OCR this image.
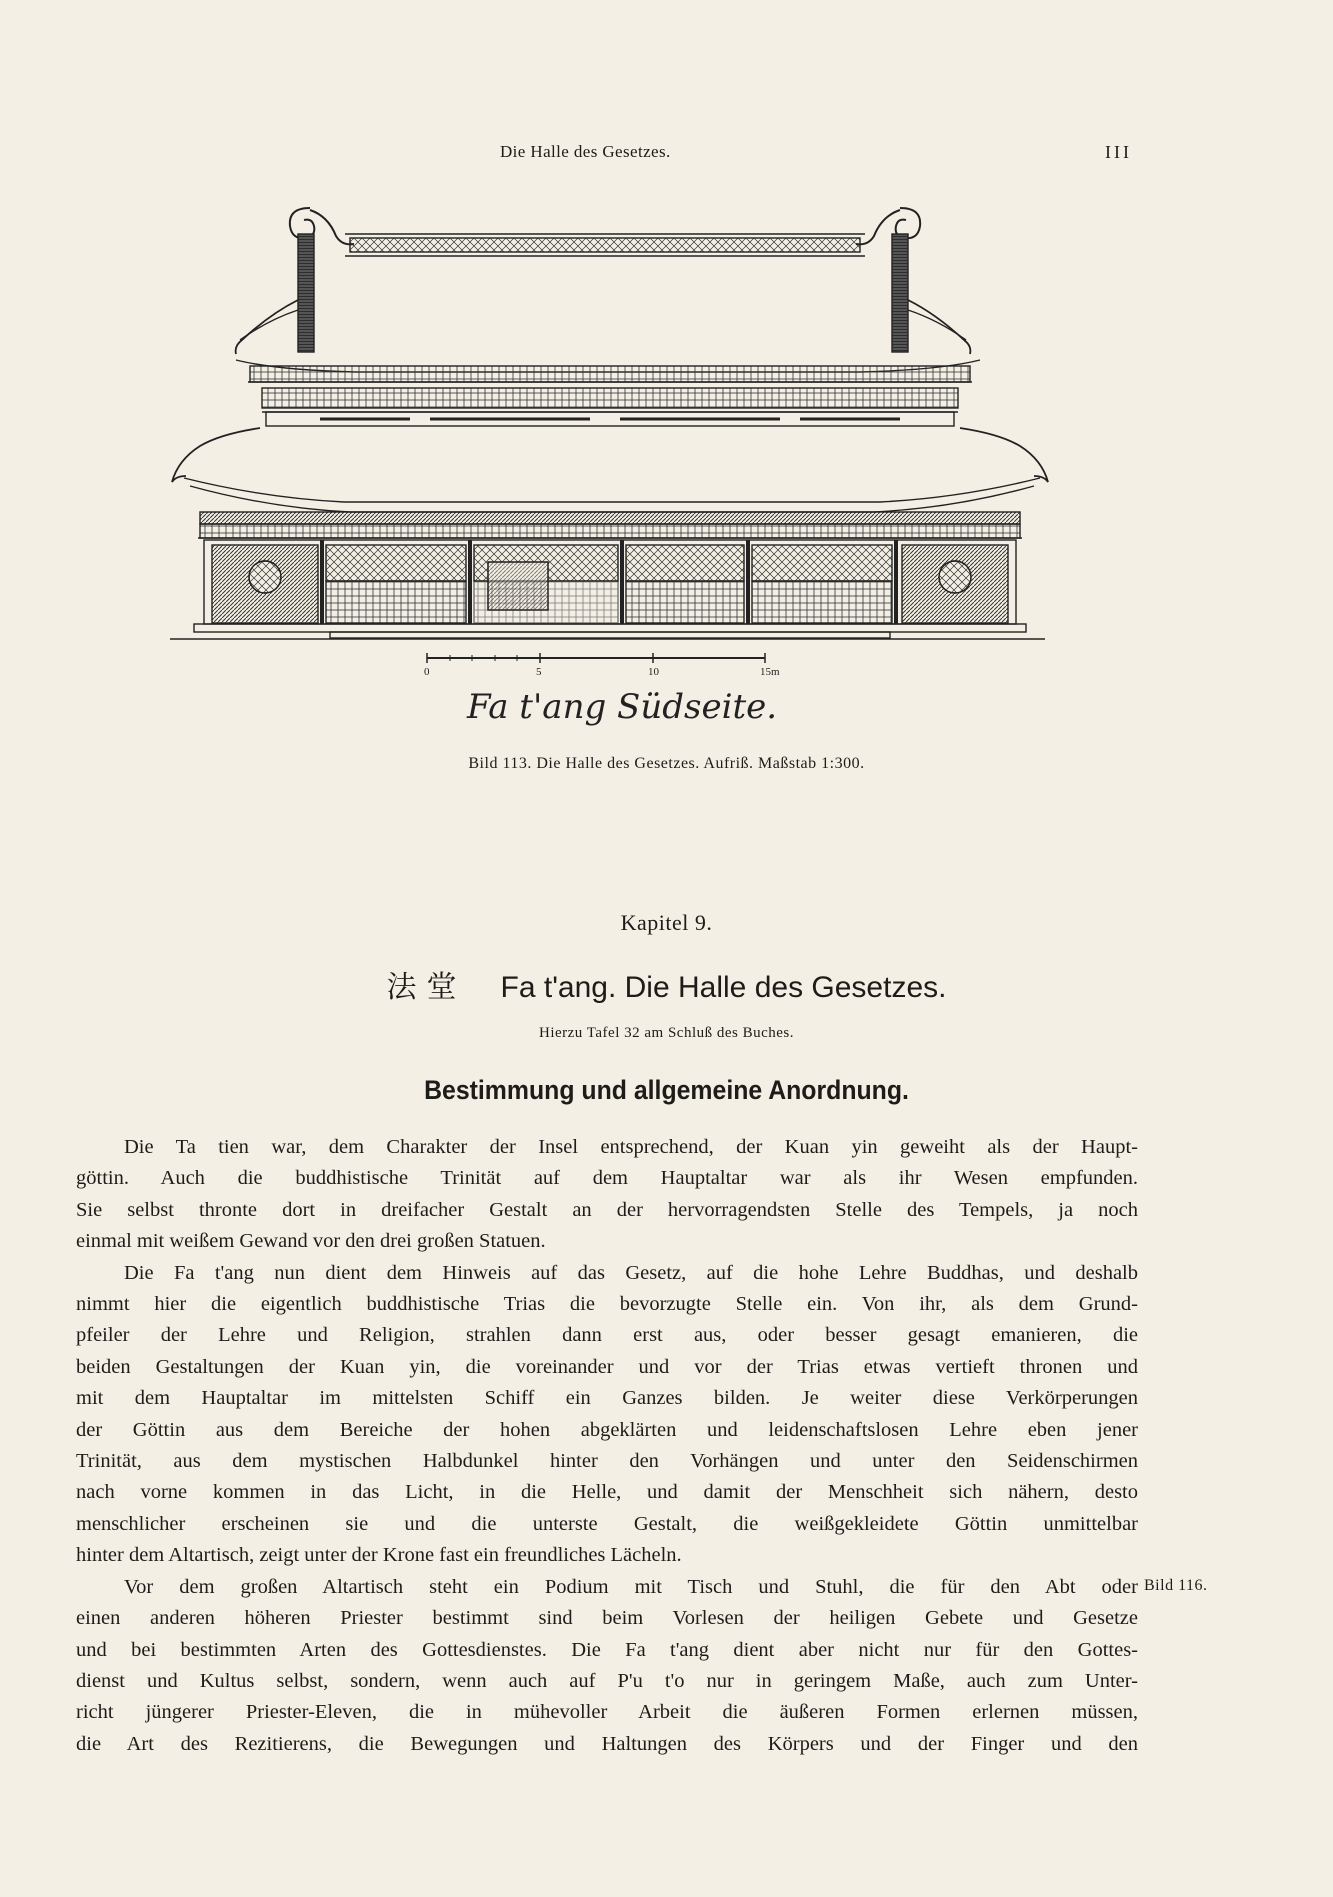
Die Halle des Gesetzes.	III
0	5	10	15m
Fa t'ang Südseite.
Bild 113. Die Halle des Gesetzes. Aufriß. Maßstab 1:300.
Kapitel 9.
法堂 Fa t'ang. Die Halle des Gesetzes.
Hierzu Tafel 32 am Schluß des Buches.
Bestimmung und allgemeine Anordnung.
Die Ta tien war, dem Charakter der Insel entsprechend, der Kuan yin geweiht als der Haupt-
göttin. Auch die buddhistische Trinität auf dem Hauptaltar war als ihr Wesen empfunden.
Sie selbst thronte dort in dreifacher Gestalt an der hervorragendsten Stelle des Tempels, ja noch
einmal mit weißem Gewand vor den drei großen Statuen.
Die Fa t'ang nun dient dem Hinweis auf das Gesetz, auf die hohe Lehre Buddhas, und deshalb
nimmt hier die eigentlich buddhistische Trias die bevorzugte Stelle ein. Von ihr, als dem Grund-
pfeiler der Lehre und Religion, strahlen dann erst aus, oder besser gesagt emanieren, die
beiden Gestaltungen der Kuan yin, die voreinander und vor der Trias etwas vertieft thronen und
mit dem Hauptaltar im mittelsten Schiff ein Ganzes bilden. Je weiter diese Verkörperungen
der Göttin aus dem Bereiche der hohen abgeklärten und leidenschaftslosen Lehre eben jener
Trinität, aus dem mystischen Halbdunkel hinter den Vorhängen und unter den Seidenschirmen
nach vorne kommen in das Licht, in die Helle, und damit der Menschheit sich nähern, desto
menschlicher erscheinen sie und die unterste Gestalt, die weißgekleidete Göttin unmittelbar
hinter dem Altartisch, zeigt unter der Krone fast ein freundliches Lächeln.
Vor dem großen Altartisch steht ein Podium mit Tisch und Stuhl, die für den Abt oder
einen anderen höheren Priester bestimmt sind beim Vorlesen der heiligen Gebete und Gesetze
und bei bestimmten Arten des Gottesdienstes. Die Fa t'ang dient aber nicht nur für den Gottes-
dienst und Kultus selbst, sondern, wenn auch auf P'u t'o nur in geringem Maße, auch zum Unter-
richt jüngerer Priester-Eleven, die in mühevoller Arbeit die äußeren Formen erlernen müssen,
die Art des Rezitierens, die Bewegungen und Haltungen des Körpers und der Finger und den
Bild 116.
